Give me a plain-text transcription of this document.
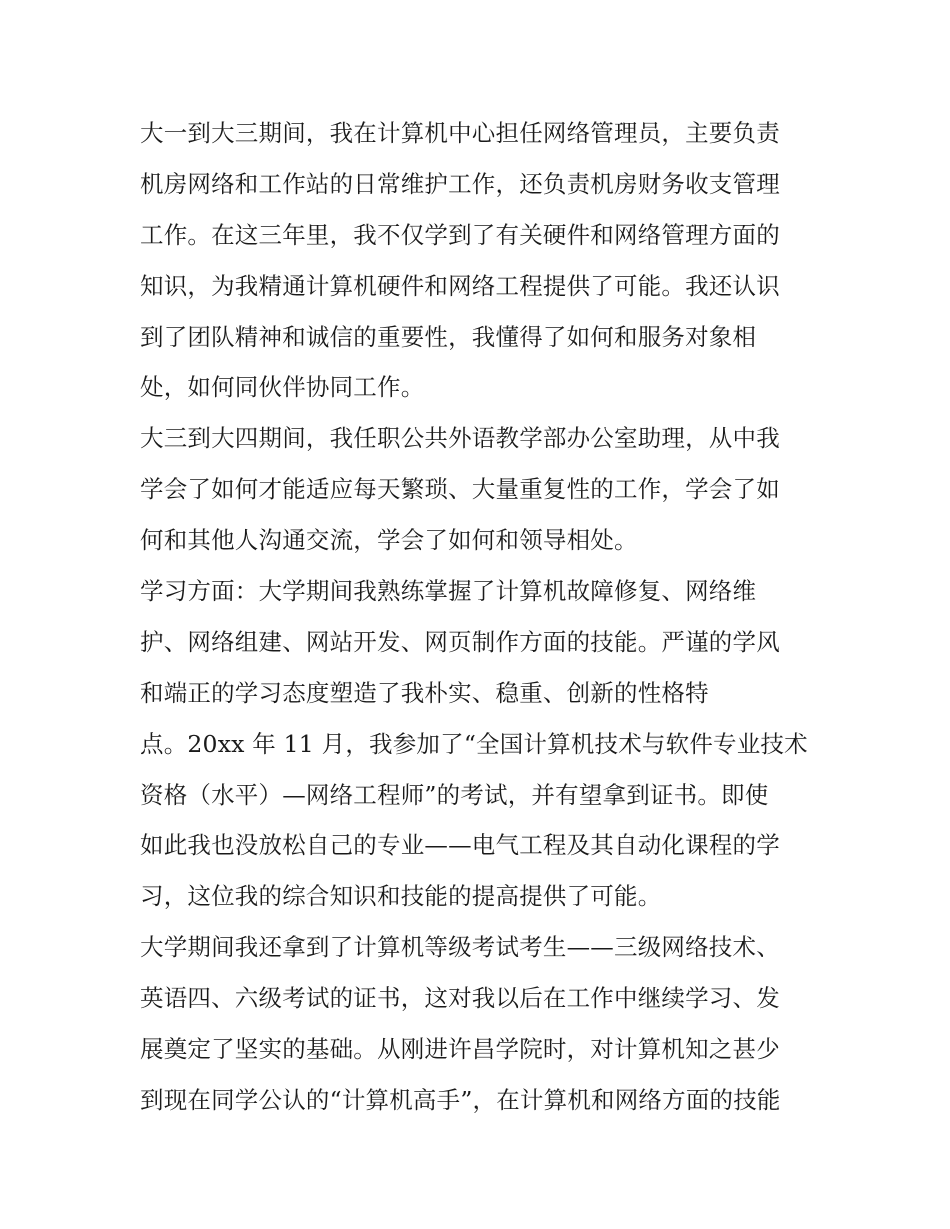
大一到大三期间，我在计算机中心担任网络管理员，主要负责
机房网络和工作站的日常维护工作，还负责机房财务收支管理
工作。在这三年里，我不仅学到了有关硬件和网络管理方面的
知识，为我精通计算机硬件和网络工程提供了可能。我还认识
到了团队精神和诚信的重要性，我懂得了如何和服务对象相
处，如何同伙伴协同工作。
大三到大四期间，我任职公共外语教学部办公室助理，从中我
学会了如何才能适应每天繁琐、大量重复性的工作，学会了如
何和其他人沟通交流，学会了如何和领导相处。
学习方面：大学期间我熟练掌握了计算机故障修复、网络维
护、网络组建、网站开发、网页制作方面的技能。严谨的学风
和端正的学习态度塑造了我朴实、稳重、创新的性格特
点。20xx 年 11 月，我参加了“全国计算机技术与软件专业技术
资格（水平）—网络工程师”的考试，并有望拿到证书。即使
如此我也没放松自己的专业——电气工程及其自动化课程的学
习，这位我的综合知识和技能的提高提供了可能。
大学期间我还拿到了计算机等级考试考生——三级网络技术、
英语四、六级考试的证书，这对我以后在工作中继续学习、发
展奠定了坚实的基础。从刚进许昌学院时，对计算机知之甚少
到现在同学公认的“计算机高手”，在计算机和网络方面的技能
